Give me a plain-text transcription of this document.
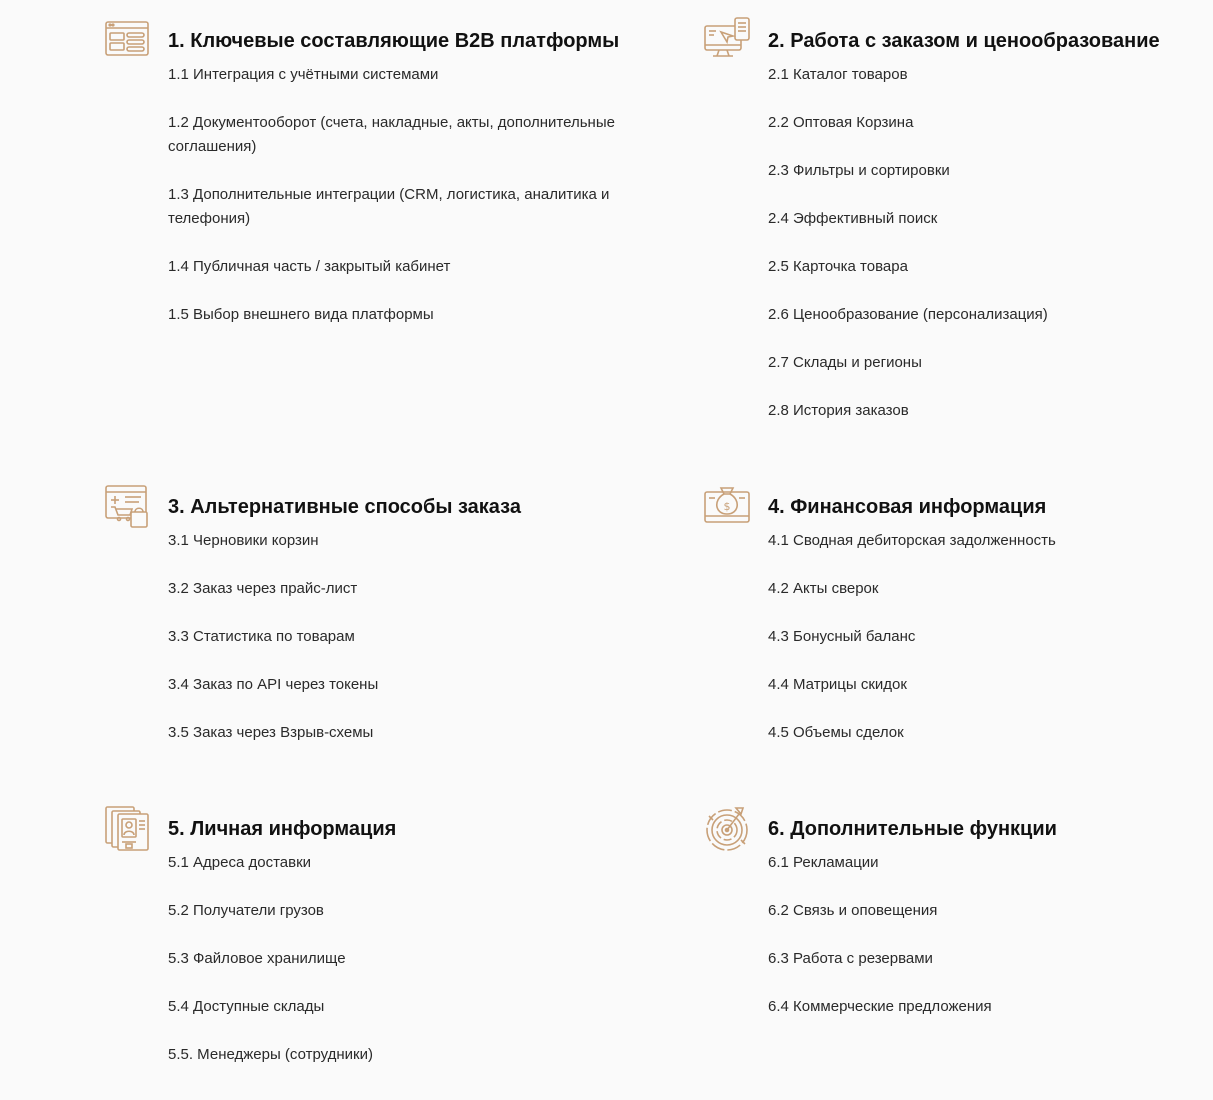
1. Ключевые составляющие B2B платформы
1.1 Интеграция с учётными системами
1.2 Документооборот (счета, накладные, акты, дополнительные соглашения)
1.3 Дополнительные интеграции (CRM, логистика, аналитика и телефония)
1.4 Публичная часть / закрытый кабинет
1.5 Выбор внешнего вида платформы
2. Работа с заказом и ценообразование
2.1 Каталог товаров
2.2 Оптовая Корзина
2.3 Фильтры и сортировки
2.4 Эффективный поиск
2.5 Карточка товара
2.6 Ценообразование (персонализация)
2.7 Склады и регионы
2.8 История заказов
3. Альтернативные способы заказа
3.1 Черновики корзин
3.2 Заказ через прайс-лист
3.3 Статистика по товарам
3.4 Заказ по API через токены
3.5 Заказ через Взрыв-схемы
$ 4. Финансовая информация
4.1 Сводная дебиторская задолженность
4.2 Акты сверок
4.3 Бонусный баланс
4.4 Матрицы скидок
4.5 Объемы сделок
5. Личная информация
5.1 Адреса доставки
5.2 Получатели грузов
5.3 Файловое хранилище
5.4 Доступные склады
5.5. Менеджеры (сотрудники)
6. Дополнительные функции
6.1 Рекламации
6.2 Связь и оповещения
6.3 Работа с резервами
6.4 Коммерческие предложения
